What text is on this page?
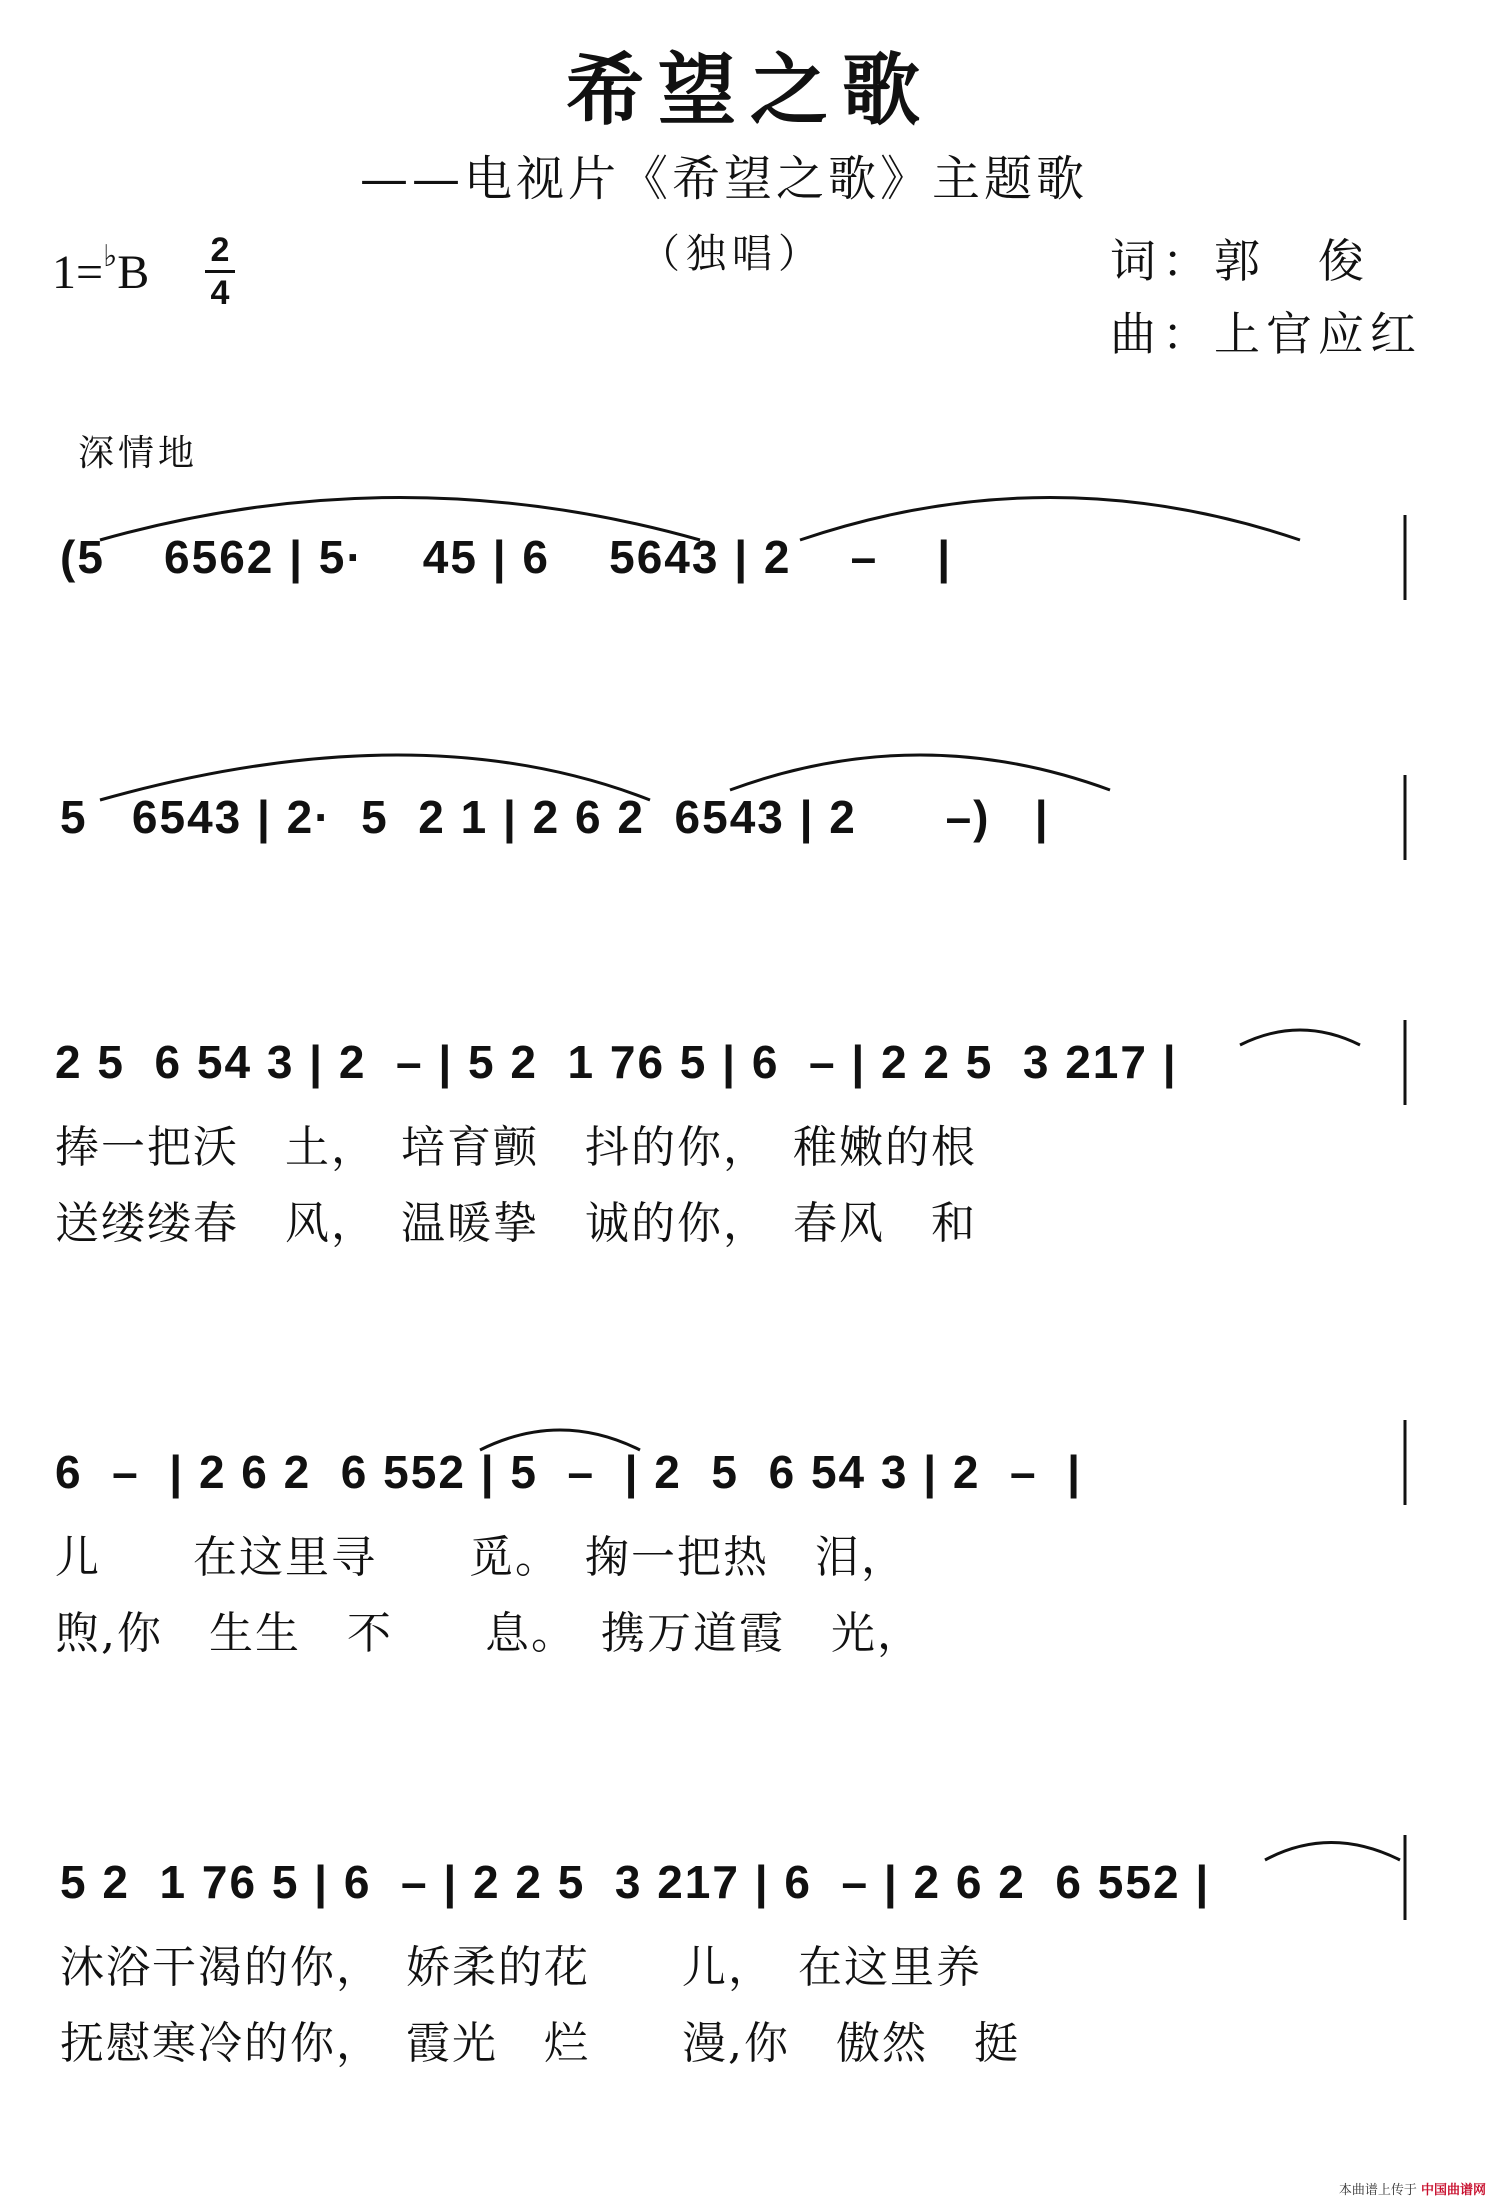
希望之歌
——电视片《希望之歌》主题歌
（独唱）
1=♭B 2
4
词：郭　俊
曲：上官应红
深情地
(5    6562 | 5·    45 | 6    5643 | 2    –    |
5   6543 | 2·  5  2 1 | 2 6 2  6543 | 2      –)   |
2 5  6 54 3 | 2  – | 5 2  1 76 5 | 6  – | 2 2 5  3 217 |
捧一把沃　土，　培育颤　抖的你，　稚嫩的根
送缕缕春　风，　温暖挚　诚的你，　春风　和
6  –  | 2 6 2  6 552 | 5  –  | 2  5  6 54 3 | 2  –  |
儿　　在这里寻　　觅。　掬一把热　泪，
煦,你　生生　不　　息。　携万道霞　光，
5 2  1 76 5 | 6  – | 2 2 5  3 217 | 6  – | 2 6 2  6 552 |
沐浴干渴的你，　娇柔的花　　儿，　在这里养
抚慰寒冷的你，　霞光　烂　　漫,你　傲然　挺
本曲谱上传于 中国曲谱网
